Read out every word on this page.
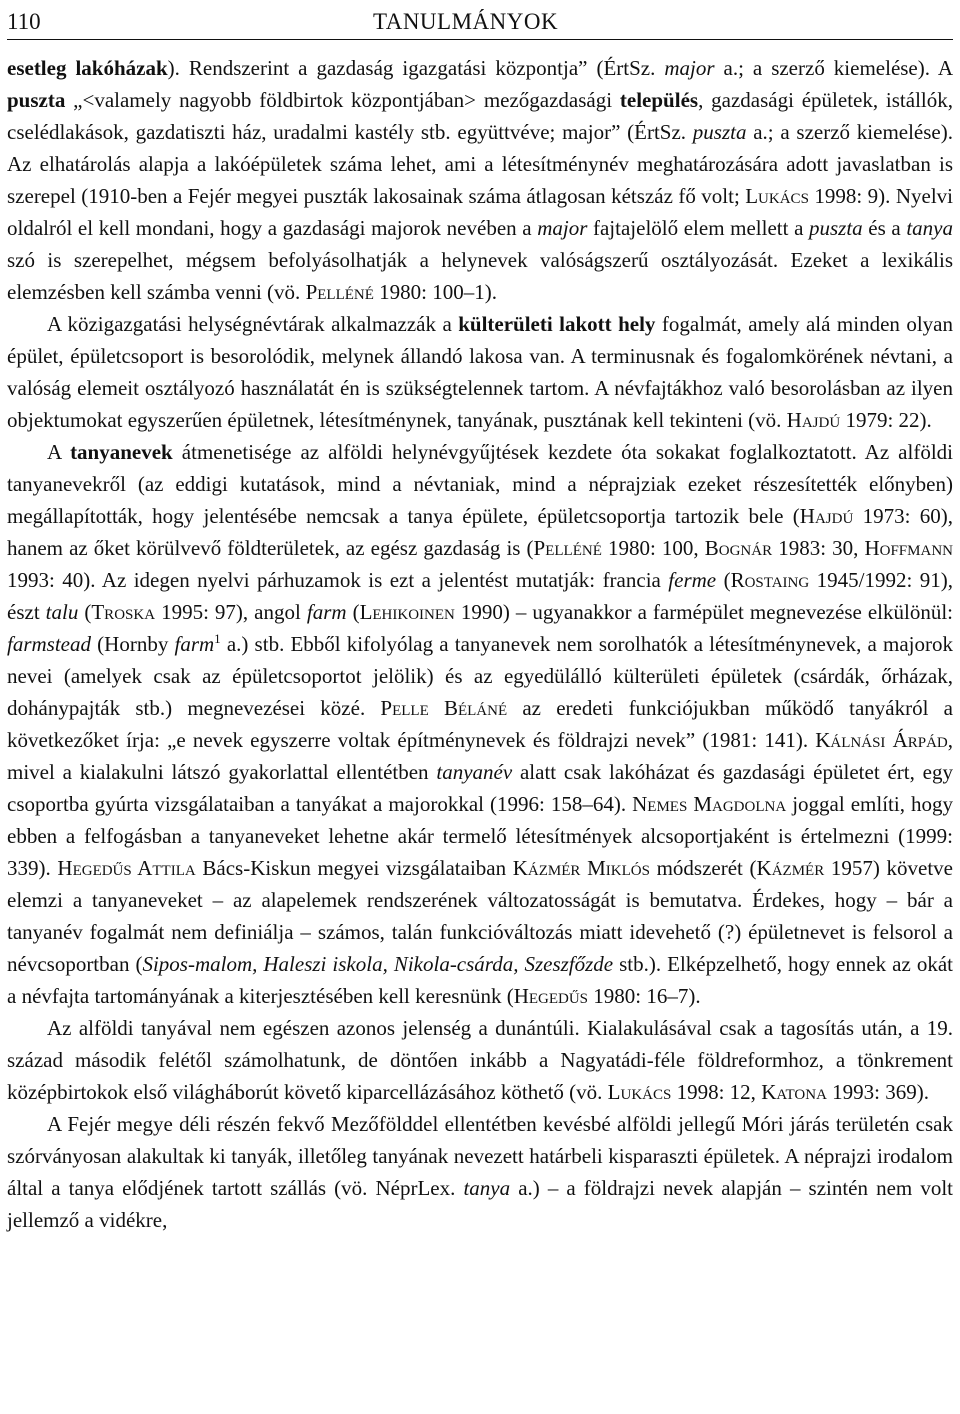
110	TANULMÁNYOK

esetleg lakóházak). Rendszerint a gazdaság igazgatási központja” (ÉrtSz. major a.; a szerző kiemelése). A puszta „<valamely nagyobb földbirtok központjában> mezőgazdasági település, gazdasági épületek, istállók, cselédlakások, gazdatiszti ház, uradalmi kastély stb. együttvéve; major” (ÉrtSz. puszta a.; a szerző kiemelése). Az elhatárolás alapja a lakóépületek száma lehet, ami a létesítménynév meghatározására adott javaslatban is szerepel (1910-ben a Fejér megyei puszták lakosainak száma átlagosan kétszáz fő volt; Lukács 1998: 9). Nyelvi oldalról el kell mondani, hogy a gazdasági majorok nevében a major fajtajelölő elem mellett a puszta és a tanya szó is szerepelhet, mégsem befolyásolhatják a helynevek valóságszerű osztályozását. Ezeket a lexikális elemzésben kell számba venni (vö. Pelléné 1980: 100–1).

A közigazgatási helységnévtárak alkalmazzák a külterületi lakott hely fogalmát, amely alá minden olyan épület, épületcsoport is besorolódik, melynek állandó lakosa van. A terminusnak és fogalomkörének névtani, a valóság elemeit osztályozó használatát én is szükségtelennek tartom. A névfajtákhoz való besorolásban az ilyen objektumokat egyszerűen épületnek, létesítménynek, tanyának, pusztának kell tekinteni (vö. Hajdú 1979: 22).

A tanyanevek átmenetisége az alföldi helynévgyűjtések kezdete óta sokakat foglalkoztatott. Az alföldi tanyanevekről (az eddigi kutatások, mind a névtaniak, mind a néprajziak ezeket részesítették előnyben) megállapították, hogy jelentésébe nemcsak a tanya épülete, épületcsoportja tartozik bele (Hajdú 1973: 60), hanem az őket körülvevő földterületek, az egész gazdaság is (Pelléné 1980: 100, Bognár 1983: 30, Hoffmann 1993: 40). Az idegen nyelvi párhuzamok is ezt a jelentést mutatják: francia ferme (Rostaing 1945/1992: 91), észt talu (Troska 1995: 97), angol farm (Lehikoinen 1990) – ugyanakkor a farmépület megnevezése elkülönül: farmstead (Hornby farm$^1$ a.) stb. Ebből kifolyólag a tanyanevek nem sorolhatók a létesítménynevek, a majorok nevei (amelyek csak az épületcsoportot jelölik) és az egyedülálló külterületi épületek (csárdák, őrházak, dohánypajták stb.) megnevezései közé. Pelle Béláné az eredeti funkciójukban működő tanyákról a következőket írja: „e nevek egyszerre voltak építménynevek és földrajzi nevek” (1981: 141). Kálnási Árpád, mivel a kialakulni látszó gyakorlattal ellentétben tanyanév alatt csak lakóházat és gazdasági épületet ért, egy csoportba gyúrta vizsgálataiban a tanyákat a majorokkal (1996: 158–64). Nemes Magdolna joggal említi, hogy ebben a felfogásban a tanyaneveket lehetne akár termelő létesítmények alcsoportjaként is értelmezni (1999: 339). Hegedűs Attila Bács-Kiskun megyei vizsgálataiban Kázmér Miklós módszerét (Kázmér 1957) követve elemzi a tanyaneveket – az alapelemek rendszerének változatosságát is bemutatva. Érdekes, hogy – bár a tanyanév fogalmát nem definiálja – számos, talán funkcióváltozás miatt idevehető (?) épületnevet is felsorol a névcsoportban (Sipos-malom, Haleszi iskola, Nikola-csárda, Szeszfőzde stb.). Elképzelhető, hogy ennek az okát a névfajta tartományának a kiterjesztésében kell keresnünk (Hegedűs 1980: 16–7).

Az alföldi tanyával nem egészen azonos jelenség a dunántúli. Kialakulásával csak a tagosítás után, a 19. század második felétől számolhatunk, de döntően inkább a Nagyatádi-féle földreformhoz, a tönkrement középbirtokok első világháborút követő kiparcellázásához köthető (vö. Lukács 1998: 12, Katona 1993: 369).

A Fejér megye déli részén fekvő Mezőfölddel ellentétben kevésbé alföldi jellegű Móri járás területén csak szórványosan alakultak ki tanyák, illetőleg tanyának nevezett határbeli kisparaszti épületek. A néprajzi irodalom által a tanya elődjének tartott szállás (vö. NéprLex. tanya a.) – a földrajzi nevek alapján – szintén nem volt jellemző a vidékre,
